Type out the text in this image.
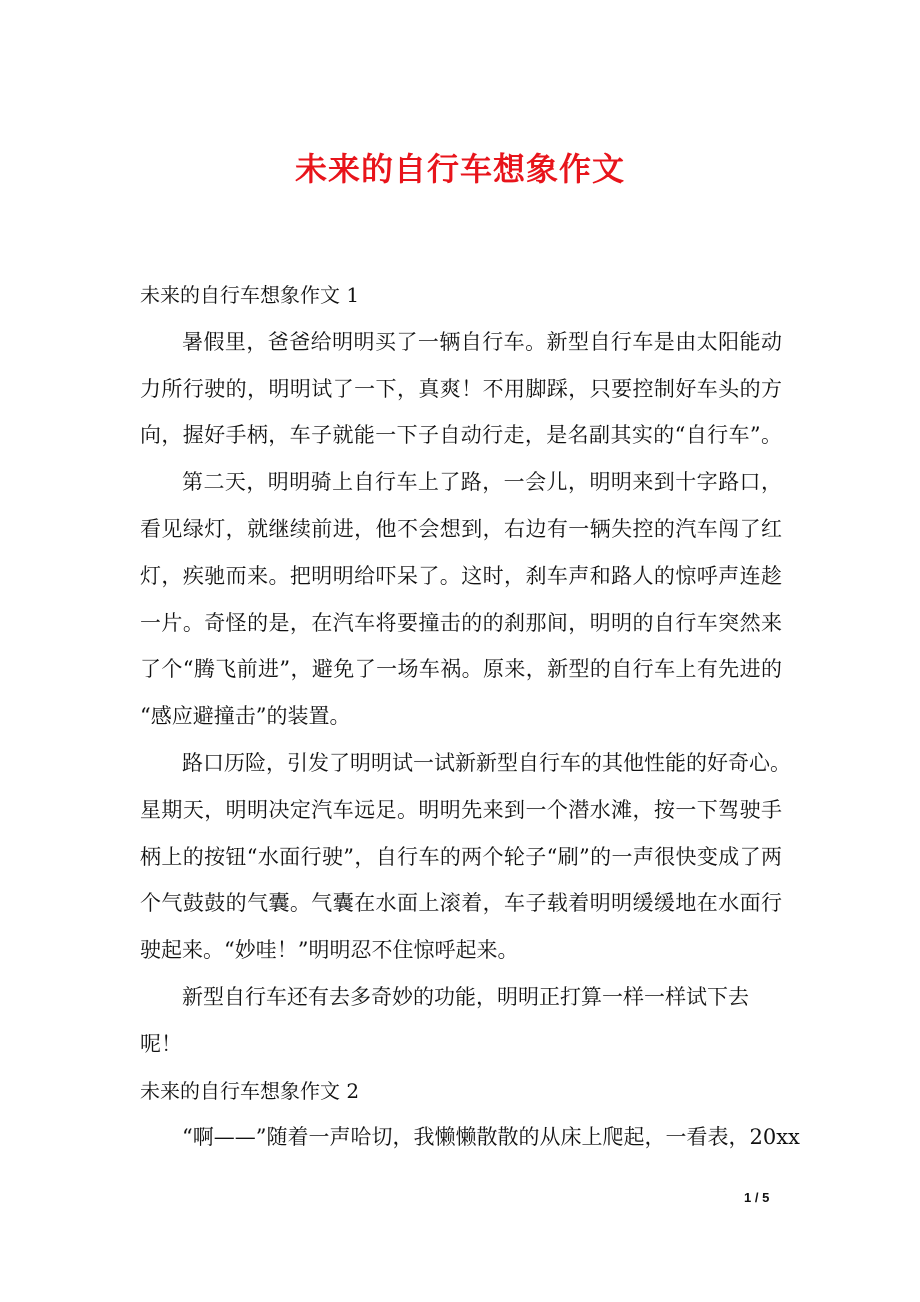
未来的自行车想象作文
未来的自行车想象作文 1
暑假里，爸爸给明明买了一辆自行车。新型自行车是由太阳能动
力所行驶的，明明试了一下，真爽！不用脚踩，只要控制好车头的方
向，握好手柄，车子就能一下子自动行走，是名副其实的“自行车”。
第二天，明明骑上自行车上了路，一会儿，明明来到十字路口，
看见绿灯，就继续前进，他不会想到，右边有一辆失控的汽车闯了红
灯，疾驰而来。把明明给吓呆了。这时，刹车声和路人的惊呼声连趁
一片。奇怪的是，在汽车将要撞击的的刹那间，明明的自行车突然来
了个“腾飞前进”，避免了一场车祸。原来，新型的自行车上有先进的
“感应避撞击”的装置。
路口历险，引发了明明试一试新新型自行车的其他性能的好奇心。
星期天，明明决定汽车远足。明明先来到一个潜水滩，按一下驾驶手
柄上的按钮“水面行驶”，自行车的两个轮子“刷”的一声很快变成了两
个气鼓鼓的气囊。气囊在水面上滚着，车子载着明明缓缓地在水面行
驶起来。“妙哇！”明明忍不住惊呼起来。
新型自行车还有去多奇妙的功能，明明正打算一样一样试下去
呢！
未来的自行车想象作文 2
“啊——”随着一声哈切，我懒懒散散的从床上爬起，一看表，20xx
1 / 5
